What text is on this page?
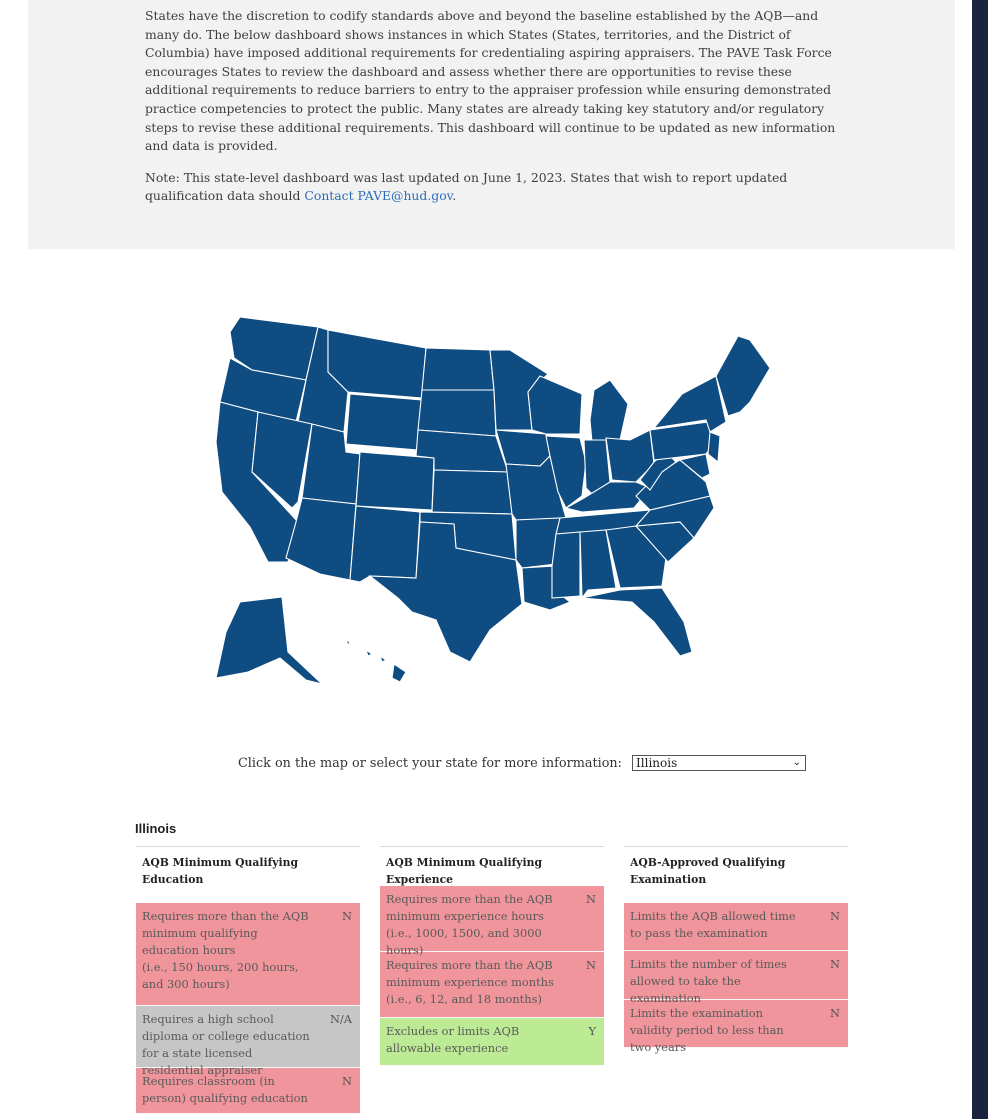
States have the discretion to codify standards above and beyond the baseline established by the AQB—and many do. The below dashboard shows instances in which States (States, territories, and the District of Columbia) have imposed additional requirements for credentialing aspiring appraisers. The PAVE Task Force encourages States to review the dashboard and assess whether there are opportunities to revise these additional requirements to reduce barriers to entry to the appraiser profession while ensuring demonstrated practice competencies to protect the public. Many states are already taking key statutory and/or regulatory steps to revise these additional requirements. This dashboard will continue to be updated as new information and data is provided.

Note: This state-level dashboard was last updated on June 1, 2023. States that wish to report updated qualification data should Contact PAVE@hud.gov.

Click on the map or select your state for more information: Illinois	⌄
Illinois
AQB Minimum Qualifying Education
Requires more than the AQB minimum qualifying education hours
(i.e., 150 hours, 200 hours, and 300 hours)
N
Requires a high school diploma or college education for a state licensed residential appraiser
N/A
Requires classroom (in person) qualifying education
N
AQB Minimum Qualifying Experience
Requires more than the AQB minimum experience hours
(i.e., 1000, 1500, and 3000 hours)
N
Requires more than the AQB minimum experience months
(i.e., 6, 12, and 18 months)
N
Excludes or limits AQB allowable experience
Y
AQB-Approved Qualifying Examination
Limits the AQB allowed time to pass the examination
N
Limits the number of times allowed to take the examination
N
Limits the examination validity period to less than two years
N
